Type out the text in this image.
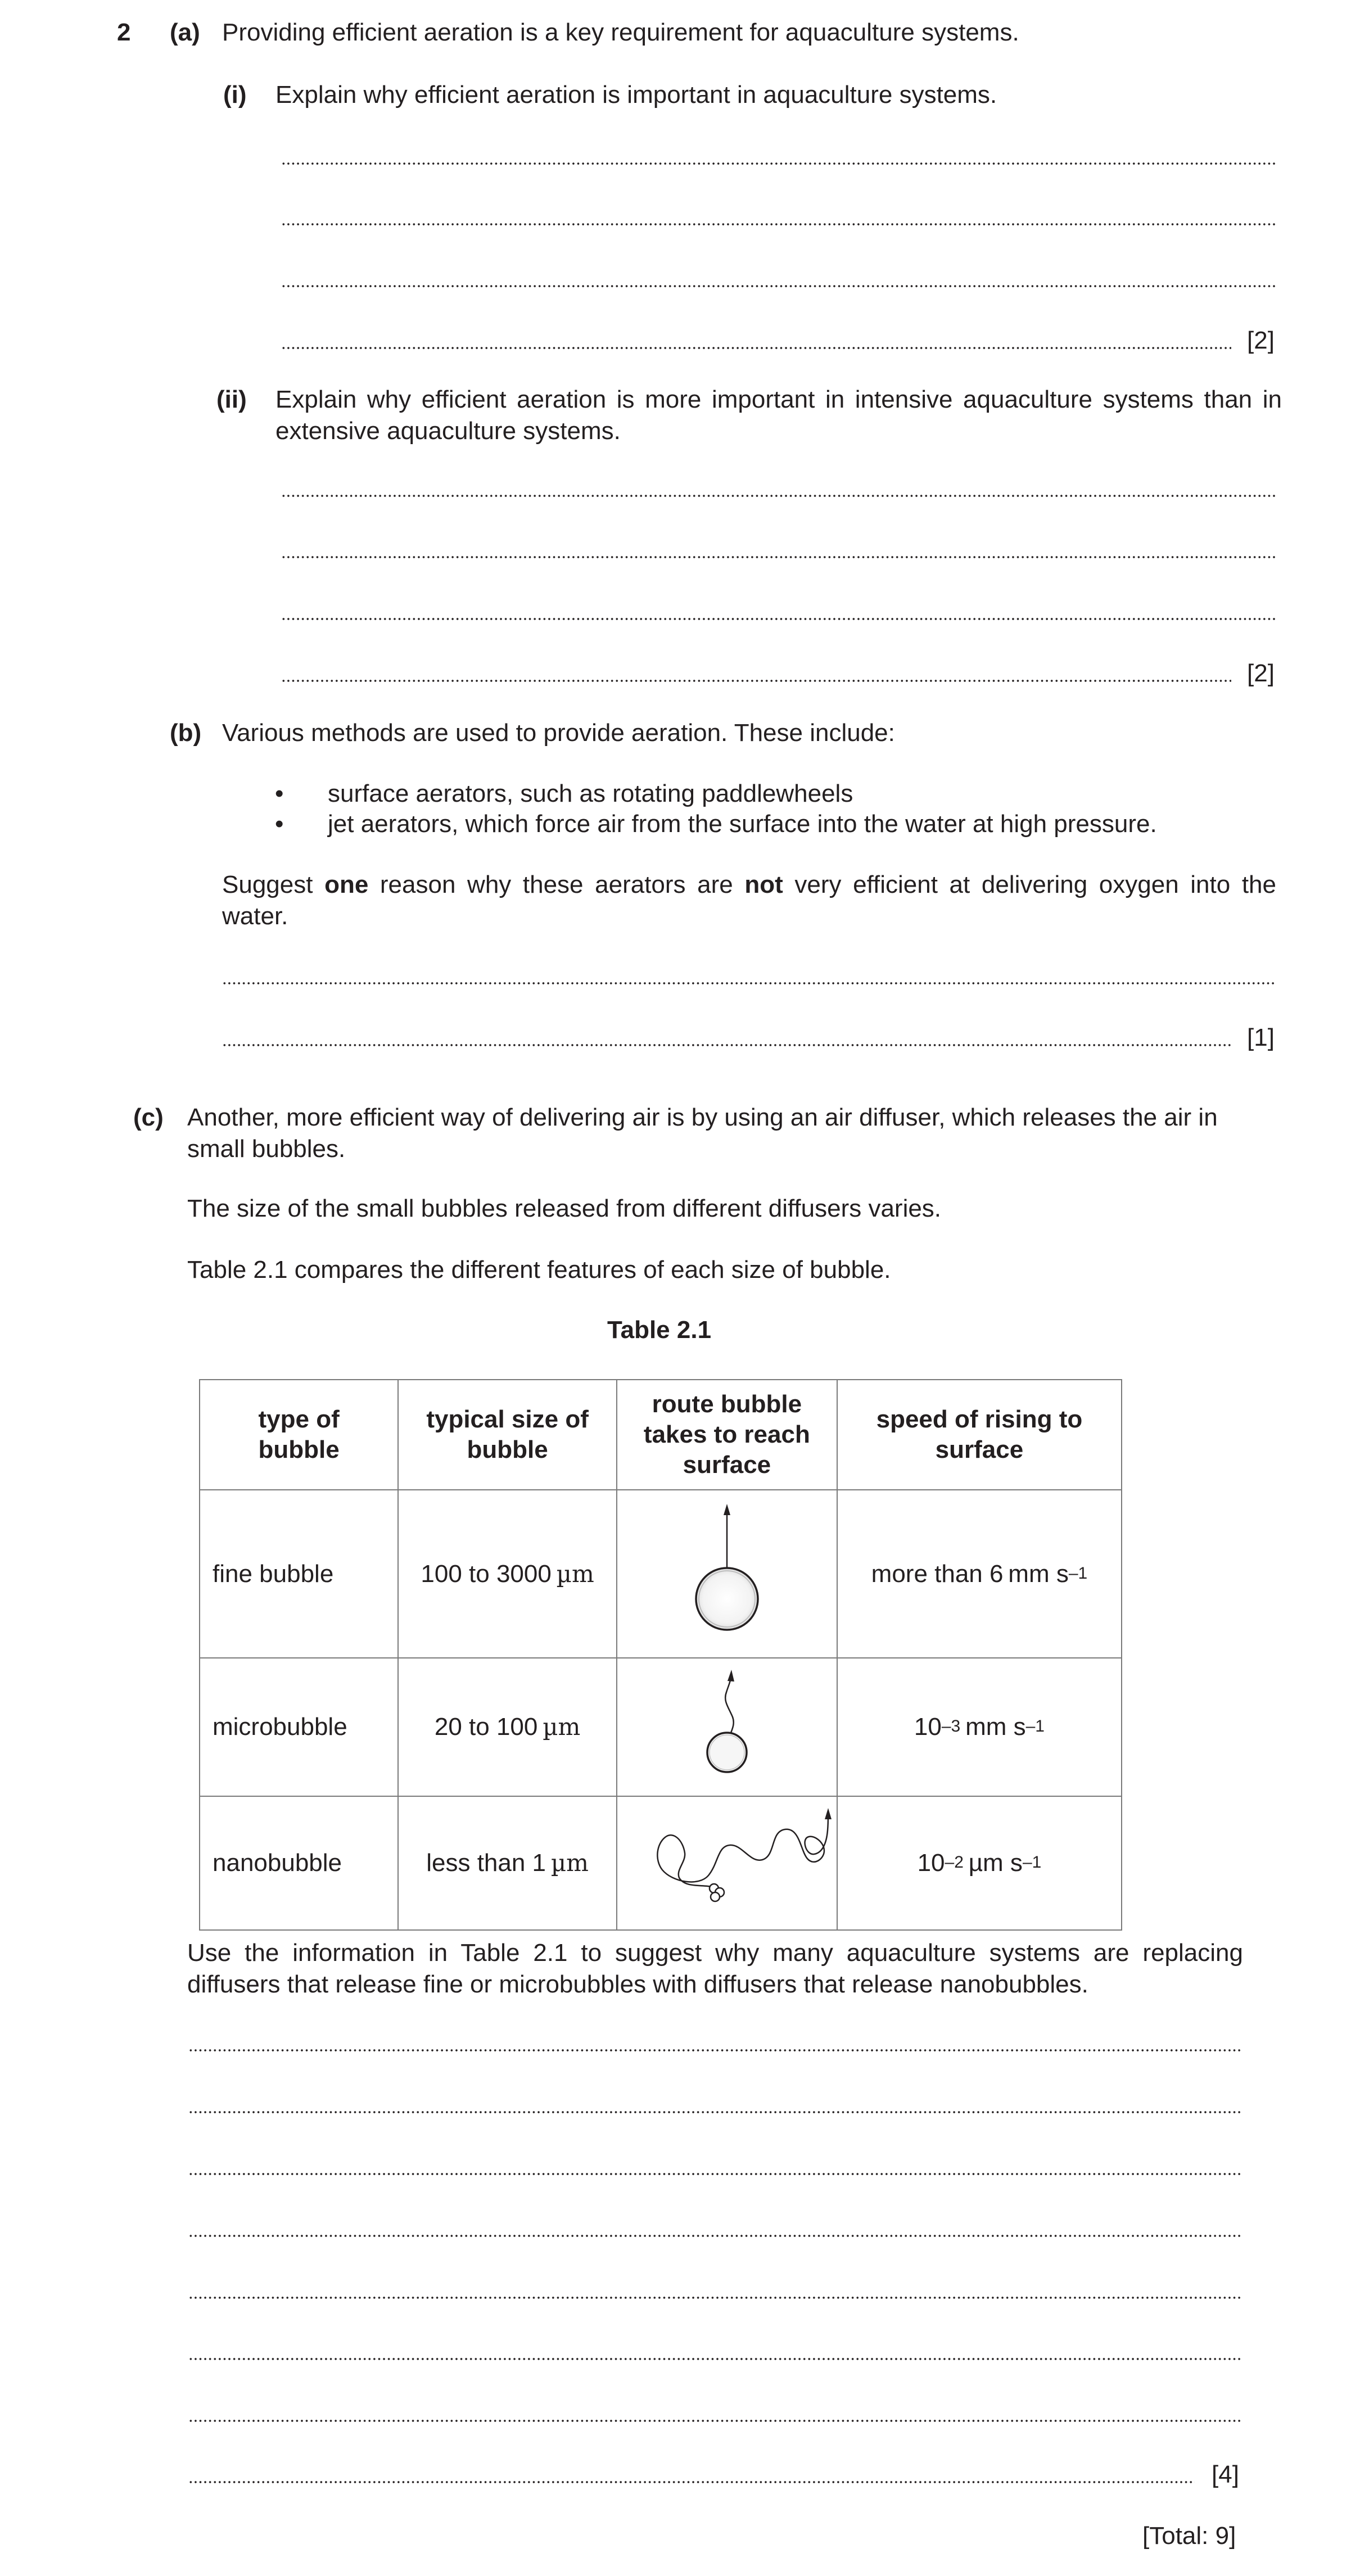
2 (a) Providing efficient aeration is a key requirement for aquaculture systems.
(i) Explain why efficient aeration is important in aquaculture systems.
[2]
(ii) Explain why efficient aeration is more important in intensive aquaculture systems than in extensive aquaculture systems.
[2]
(b) Various methods are used to provide aeration. These include:
• surface aerators, such as rotating paddlewheels
• jet aerators, which force air from the surface into the water at high pressure.
Suggest one reason why these aerators are not very efficient at delivering oxygen into the water.
[1]
(c) Another, more efficient way of delivering air is by using an air diffuser, which releases the air in small bubbles.
The size of the small bubbles released from different diffusers varies.
Table 2.1 compares the different features of each size of bubble.
Table 2.1
type of bubble	typical size of bubble	route bubble takes to reach surface	speed of rising to surface
fine bubble	100 to 3000  µm		more than 6  mm $s^{-1}$
microbubble	20 to 100  µm		$10^{-3}$  mm $s^{-1}$
nanobubble	less than 1  µm		$10^{-2}$  µm $s^{-1}$
Use the information in Table 2.1 to suggest why many aquaculture systems are replacing diffusers that release fine or microbubbles with diffusers that release nanobubbles.
[4]
[Total: 9]
